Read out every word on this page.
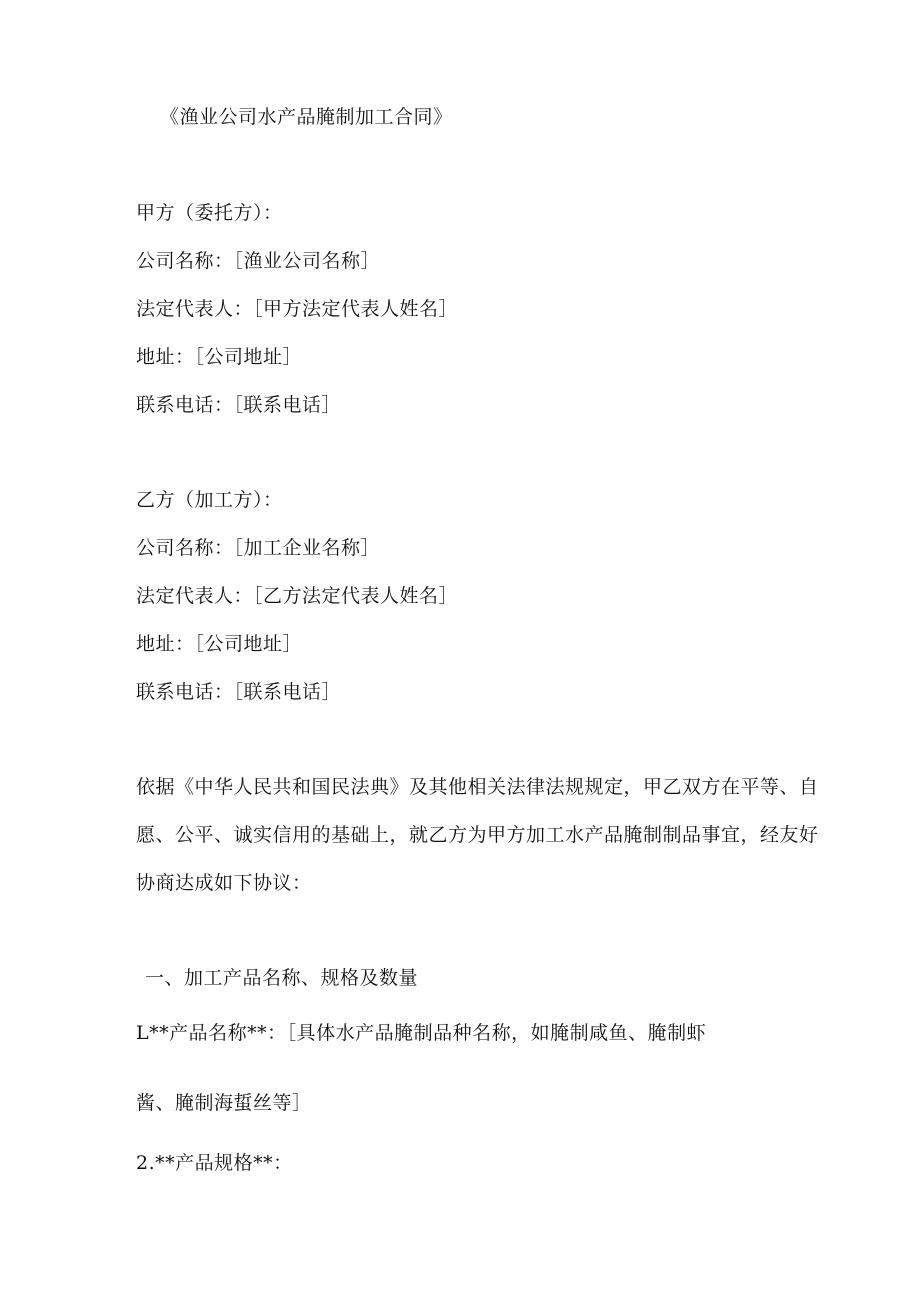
《渔业公司水产品腌制加工合同》
甲方（委托方）：
公司名称：［渔业公司名称］
法定代表人：［甲方法定代表人姓名］
地址：［公司地址］
联系电话：［联系电话］
乙方（加工方）：
公司名称：［加工企业名称］
法定代表人：［乙方法定代表人姓名］
地址：［公司地址］
联系电话：［联系电话］
依据《中华人民共和国民法典》及其他相关法律法规规定，甲乙双方在平等、自
愿、公平、诚实信用的基础上，就乙方为甲方加工水产品腌制制品事宜，经友好
协商达成如下协议：
一、加工产品名称、规格及数量
L**产品名称**：［具体水产品腌制品种名称，如腌制咸鱼、腌制虾
酱、腌制海蜇丝等］
2.**产品规格**：
